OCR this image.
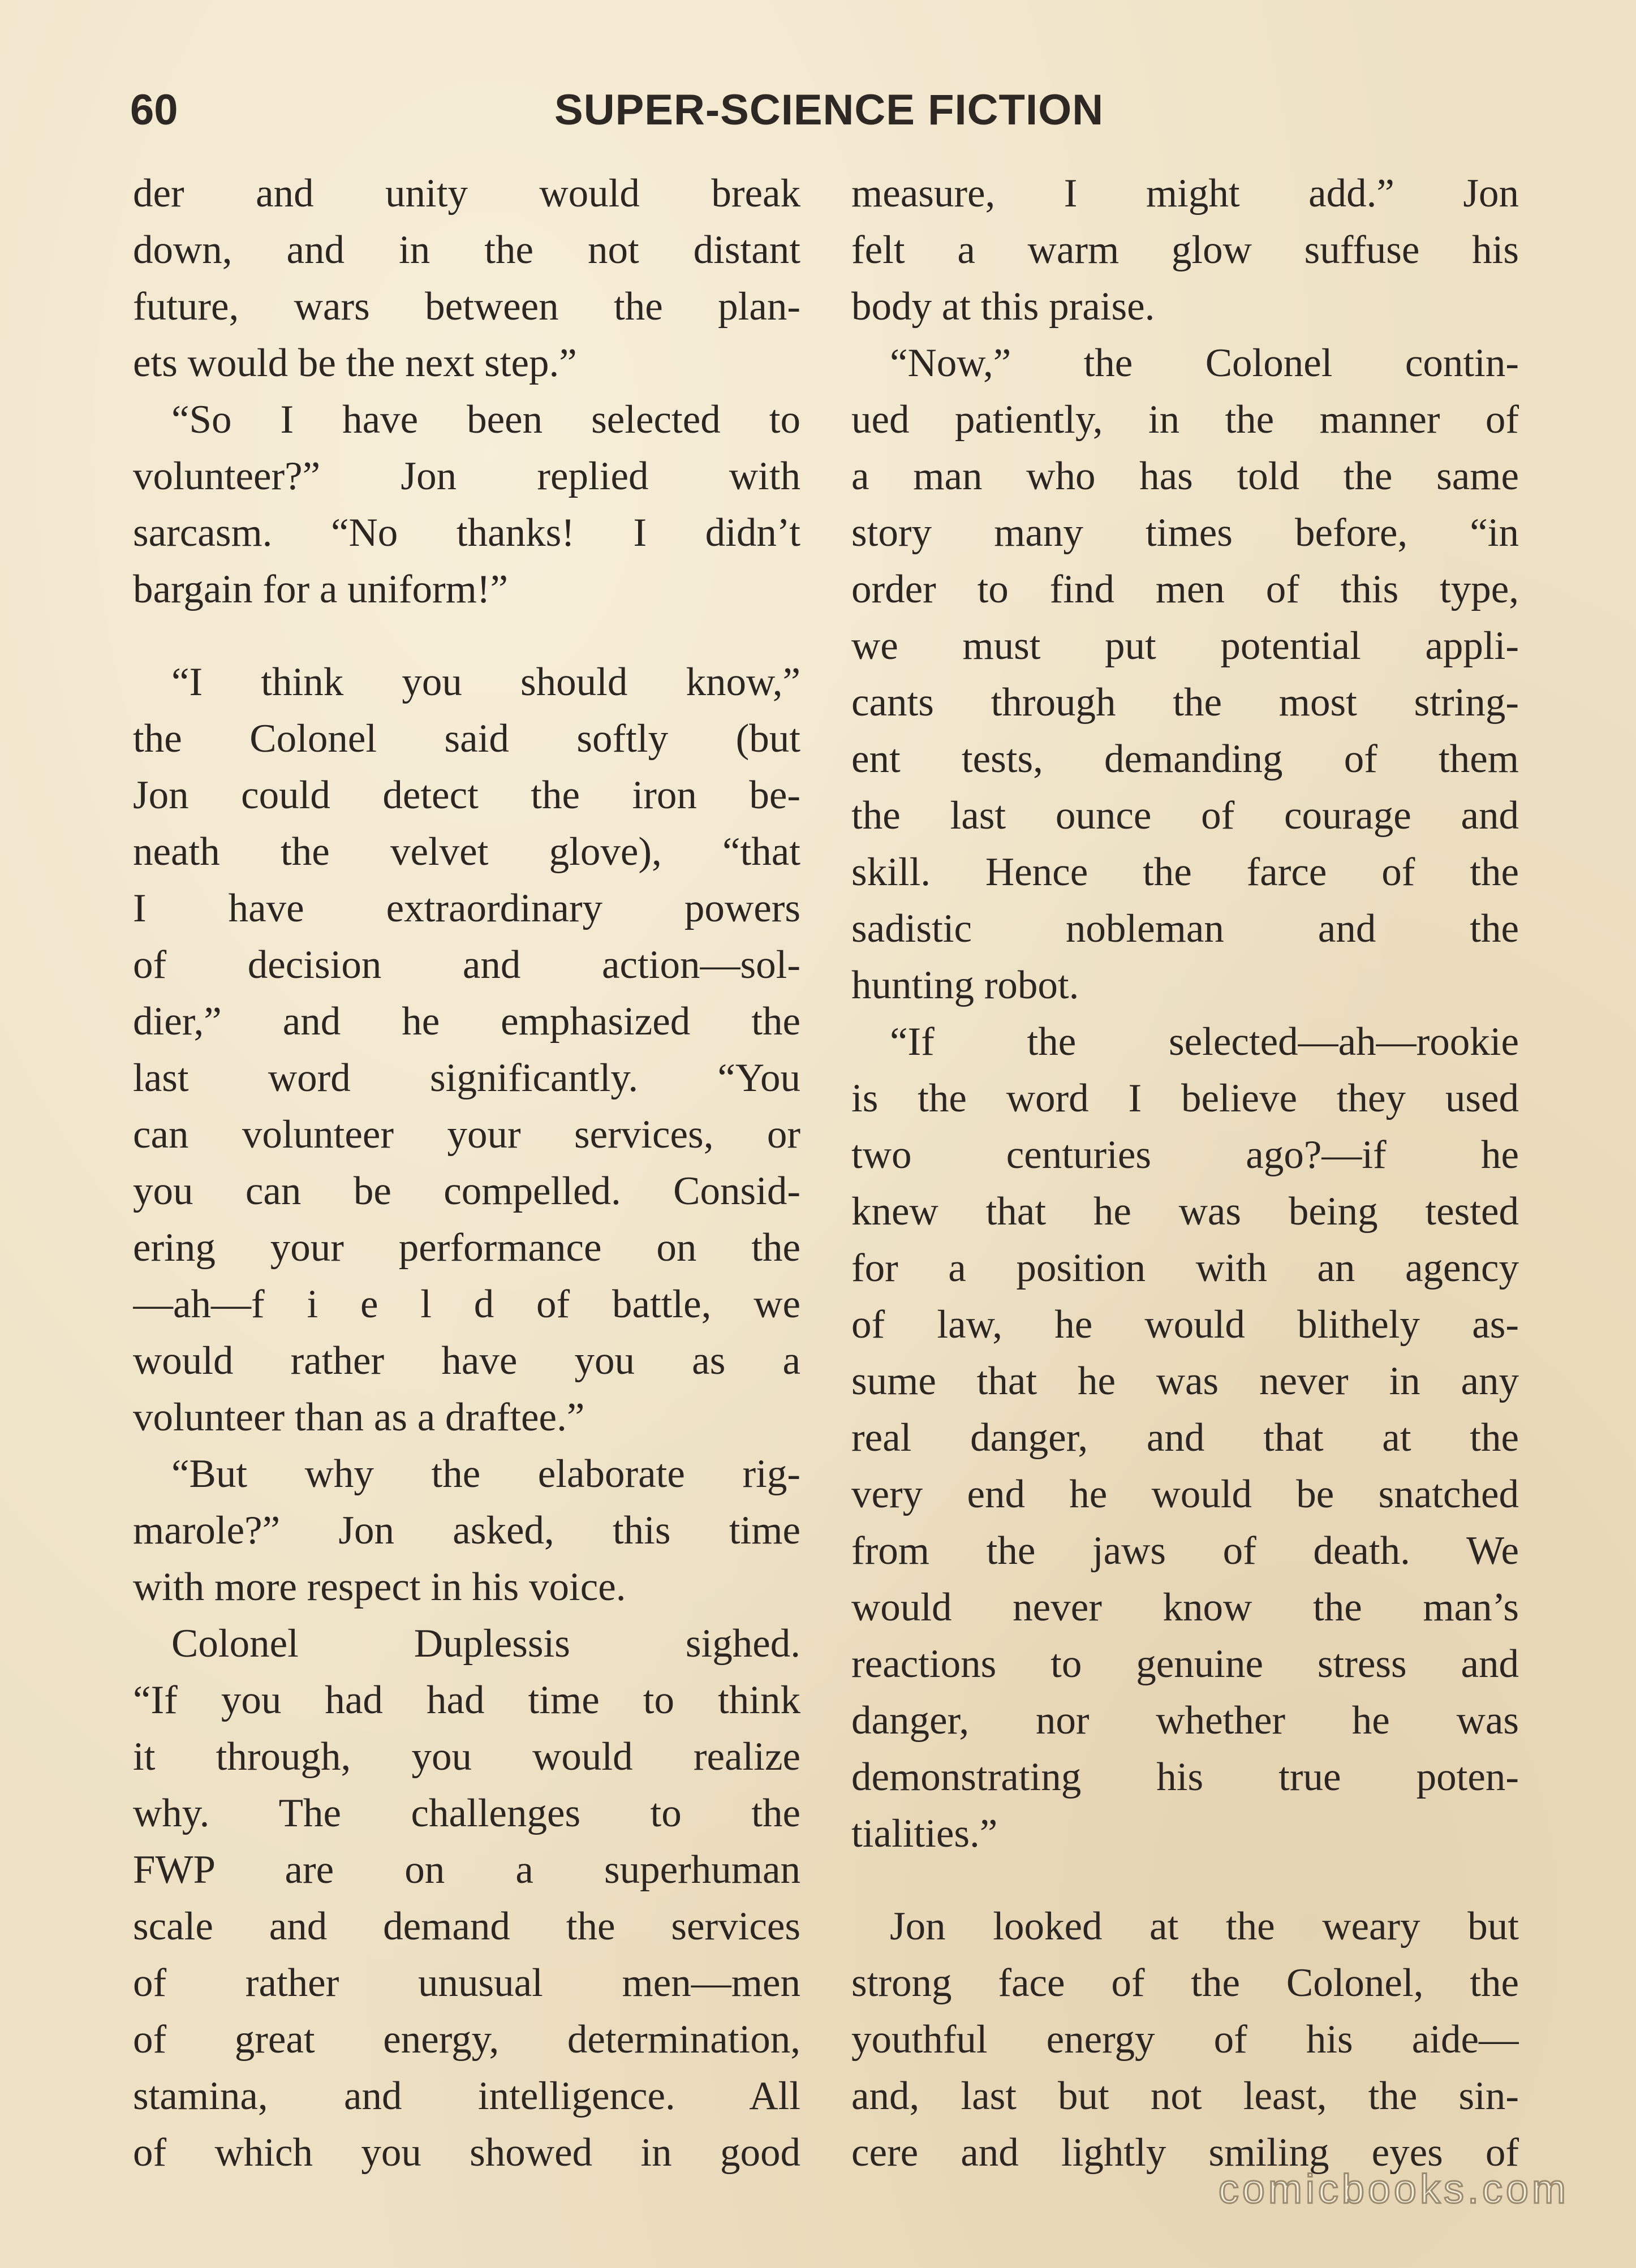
60	SUPER-SCIENCE FICTION
der and unity would break
down, and in the not distant
future, wars between the plan-
ets would be the next step.”
“So I have been selected to
volunteer?” Jon replied with
sarcasm. “No thanks! I didn’t
bargain for a uniform!”
“I think you should know,”
the Colonel said softly (but
Jon could detect the iron be-
neath the velvet glove), “that
I have extraordinary powers
of decision and action—sol-
dier,” and he emphasized the
last word significantly. “You
can volunteer your services, or
you can be compelled. Consid-
ering your performance on the
—ah—f i e l d of battle, we
would rather have you as a
volunteer than as a draftee.”
“But why the elaborate rig-
marole?” Jon asked, this time
with more respect in his voice.
Colonel Duplessis sighed.
“If you had had time to think
it through, you would realize
why. The challenges to the
FWP are on a superhuman
scale and demand the services
of rather unusual men—men
of great energy, determination,
stamina, and intelligence. All
of which you showed in good
measure, I might add.” Jon
felt a warm glow suffuse his
body at this praise.
“Now,” the Colonel contin-
ued patiently, in the manner of
a man who has told the same
story many times before, “in
order to find men of this type,
we must put potential appli-
cants through the most string-
ent tests, demanding of them
the last ounce of courage and
skill. Hence the farce of the
sadistic nobleman and the
hunting robot.
“If the selected—ah—rookie
is the word I believe they used
two centuries ago?—if he
knew that he was being tested
for a position with an agency
of law, he would blithely as-
sume that he was never in any
real danger, and that at the
very end he would be snatched
from the jaws of death. We
would never know the man’s
reactions to genuine stress and
danger, nor whether he was
demonstrating his true poten-
tialities.”
Jon looked at the weary but
strong face of the Colonel, the
youthful energy of his aide—
and, last but not least, the sin-
cere and lightly smiling eyes of
comicbooks.com
